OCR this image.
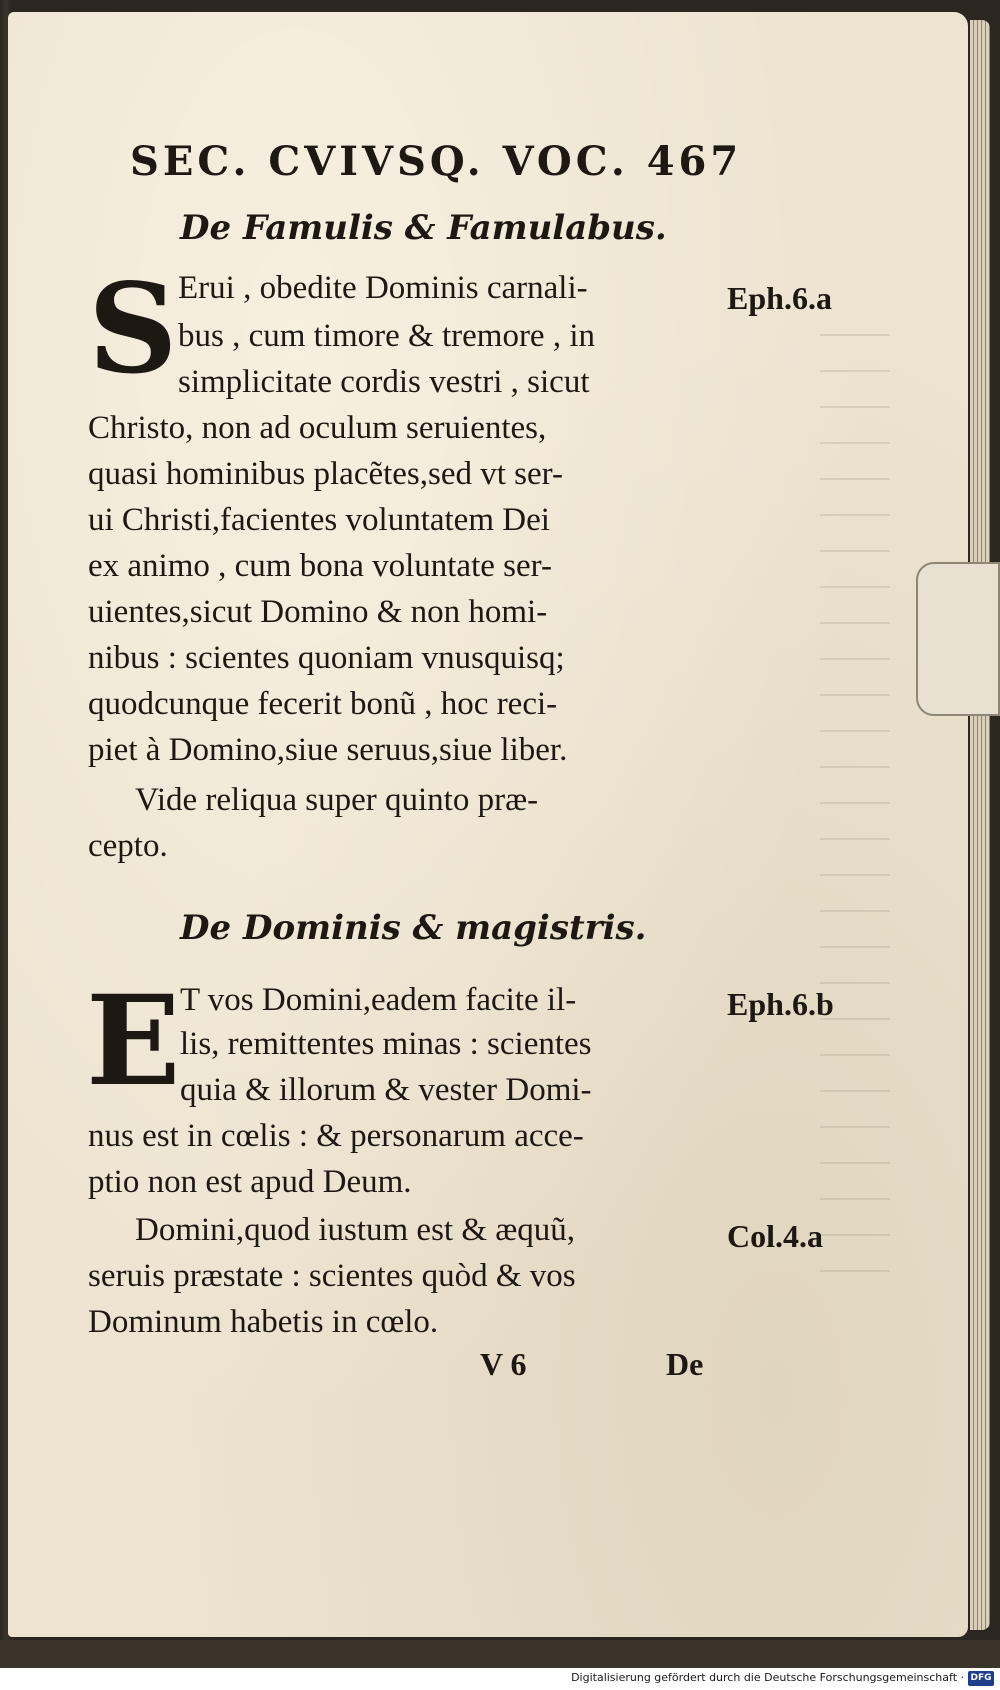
SEC. CVIVSQ. VOC. 467
De Famulis & Famulabus.
S Erui , obedite Dominis carnali-
bus , cum timore & tremore , in
simplicitate cordis vestri , sicut
Christo, non ad oculum seruientes,
quasi hominibus placẽtes,sed vt ser-
ui Christi,facientes voluntatem Dei
ex animo , cum bona voluntate ser-
uientes,sicut Domino & non homi-
nibus : scientes quoniam vnusquisq;
quodcunque fecerit bonũ , hoc reci-
piet à Domino,siue seruus,siue liber.
Vide reliqua super quinto præ-
cepto.
Eph.6.a
De Dominis & magistris.
E T vos Domini,eadem facite il-
lis, remittentes minas : scientes
quia & illorum & vester Domi-
nus est in cœlis : & personarum acce-
ptio non est apud Deum.
Domini,quod iustum est & æquũ,
seruis præstate : scientes quòd & vos
Dominum habetis in cœlo.
Eph.6.b
Col.4.a
V 6	De
Digitalisierung gefördert durch die Deutsche Forschungsgemeinschaft · DFG
